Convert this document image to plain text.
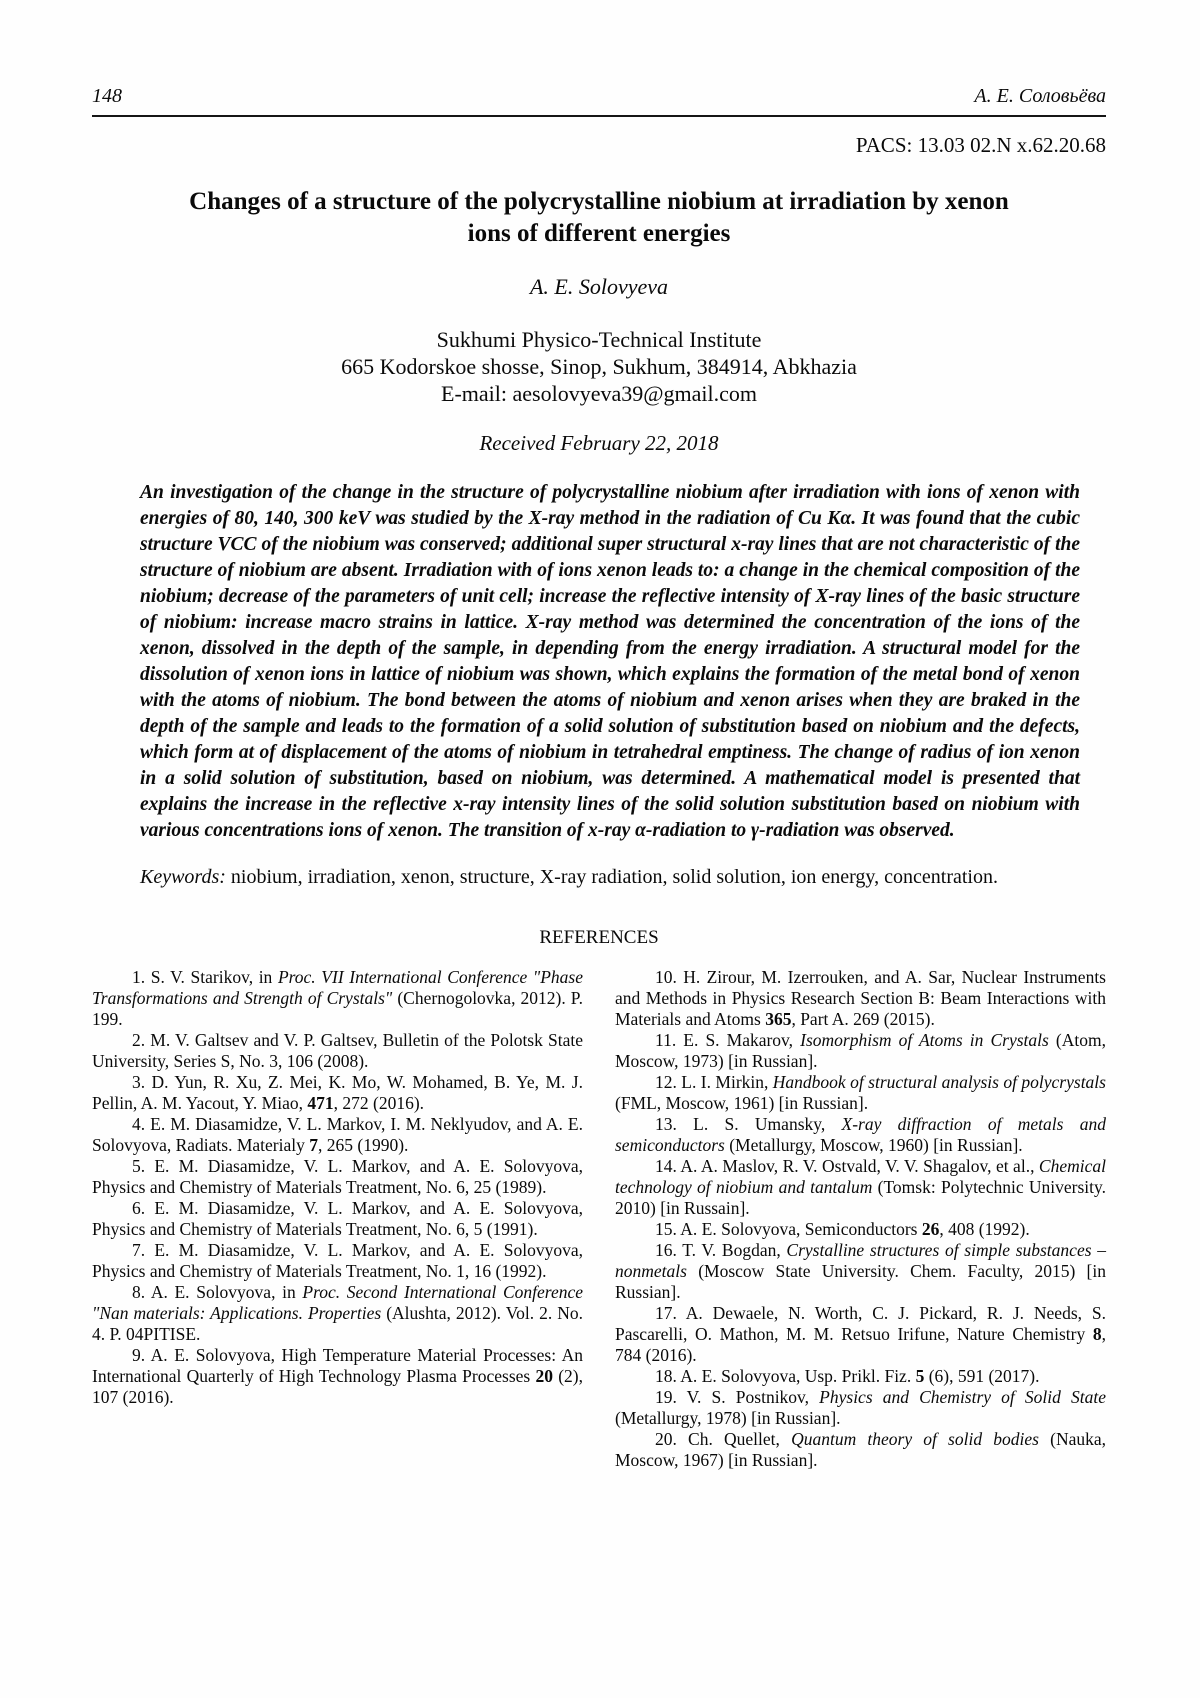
148	А. Е. Соловьёва
PACS: 13.03 02.N x.62.20.68
Changes of a structure of the polycrystalline niobium at irradiation by xenon ions of different energies
A. E. Solovyeva
Sukhumi Physico-Technical Institute
665 Kodorskoe shosse, Sinop, Sukhum, 384914, Abkhazia
E-mail: aesolovyeva39@gmail.com
Received February 22, 2018
An investigation of the change in the structure of polycrystalline niobium after irradiation with ions of xenon with energies of 80, 140, 300 keV was studied by the X-ray method in the radiation of Cu Kα. It was found that the cubic structure VCC of the niobium was conserved; additional super structural x-ray lines that are not characteristic of the structure of niobium are absent. Irradiation with of ions xenon leads to: a change in the chemical composition of the niobium; decrease of the parameters of unit cell; increase the reflective intensity of X-ray lines of the basic structure of niobium: increase macro strains in lattice. X-ray method was determined the concentration of the ions of the xenon, dissolved in the depth of the sample, in depending from the energy irradiation. A structural model for the dissolution of xenon ions in lattice of niobium was shown, which explains the formation of the metal bond of xenon with the atoms of niobium. The bond between the atoms of niobium and xenon arises when they are braked in the depth of the sample and leads to the formation of a solid solution of substitution based on niobium and the defects, which form at of displacement of the atoms of niobium in tetrahedral emptiness. The change of radius of ion xenon in a solid solution of substitution, based on niobium, was determined. A mathematical model is presented that explains the increase in the reflective x-ray intensity lines of the solid solution substitution based on niobium with various concentrations ions of xenon. The transition of x-ray α-radiation to γ-radiation was observed.
Keywords: niobium, irradiation, xenon, structure, X-ray radiation, solid solution, ion energy, concentration.
REFERENCES

1. S. V. Starikov, in Proc. VII International Conference "Phase Transformations and Strength of Crystals" (Chernogolovka, 2012). P. 199.

2. M. V. Galtsev and V. P. Galtsev, Bulletin of the Polotsk State University, Series S, No. 3, 106 (2008).

3. D. Yun, R. Xu, Z. Mei, K. Mo, W. Mohamed, B. Ye, M. J. Pellin, A. M. Yacout, Y. Miao, 471, 272 (2016).

4. E. M. Diasamidze, V. L. Markov, I. M. Neklyudov, and A. E. Solovyova, Radiats. Materialy 7, 265 (1990).

5. E. M. Diasamidze, V. L. Markov, and A. E. Solovyova, Physics and Chemistry of Materials Treatment, No. 6, 25 (1989).

6. E. M. Diasamidze, V. L. Markov, and A. E. Solovyova, Physics and Chemistry of Materials Treatment, No. 6, 5 (1991).

7. E. M. Diasamidze, V. L. Markov, and A. E. Solovyova, Physics and Chemistry of Materials Treatment, No. 1, 16 (1992).

8. A. E. Solovyova, in Proc. Second International Conference "Nan materials: Applications. Properties (Alushta, 2012). Vol. 2. No. 4. P. 04PITISE.

9. A. E. Solovyova, High Temperature Material Processes: An International Quarterly of High Technology Plasma Processes 20 (2), 107 (2016).

10. H. Zirour, M. Izerrouken, and A. Sar, Nuclear Instruments and Methods in Physics Research Section B: Beam Interactions with Materials and Atoms 365, Part A. 269 (2015).

11. E. S. Makarov, Isomorphism of Atoms in Crystals (Atom, Moscow, 1973) [in Russian].

12. L. I. Mirkin, Handbook of structural analysis of polycrystals (FML, Moscow, 1961) [in Russian].

13. L. S. Umansky, X-ray diffraction of metals and semiconductors (Metallurgy, Moscow, 1960) [in Russian].

14. A. A. Maslov, R. V. Ostvald, V. V. Shagalov, et al., Chemical technology of niobium and tantalum (Tomsk: Polytechnic University. 2010) [in Russain].

15. A. E. Solovyova, Semiconductors 26, 408 (1992).

16. T. V. Bogdan, Crystalline structures of simple substances – nonmetals (Moscow State University. Chem. Faculty, 2015) [in Russian].

17. A. Dewaele, N. Worth, C. J. Pickard, R. J. Needs, S. Pascarelli, O. Mathon, M. M. Retsuo Irifune, Nature Chemistry 8, 784 (2016).

18. A. E. Solovyova, Usp. Prikl. Fiz. 5 (6), 591 (2017).

19. V. S. Postnikov, Physics and Chemistry of Solid State (Metallurgy, 1978) [in Russian].

20. Ch. Quellet, Quantum theory of solid bodies (Nauka, Moscow, 1967) [in Russian].
